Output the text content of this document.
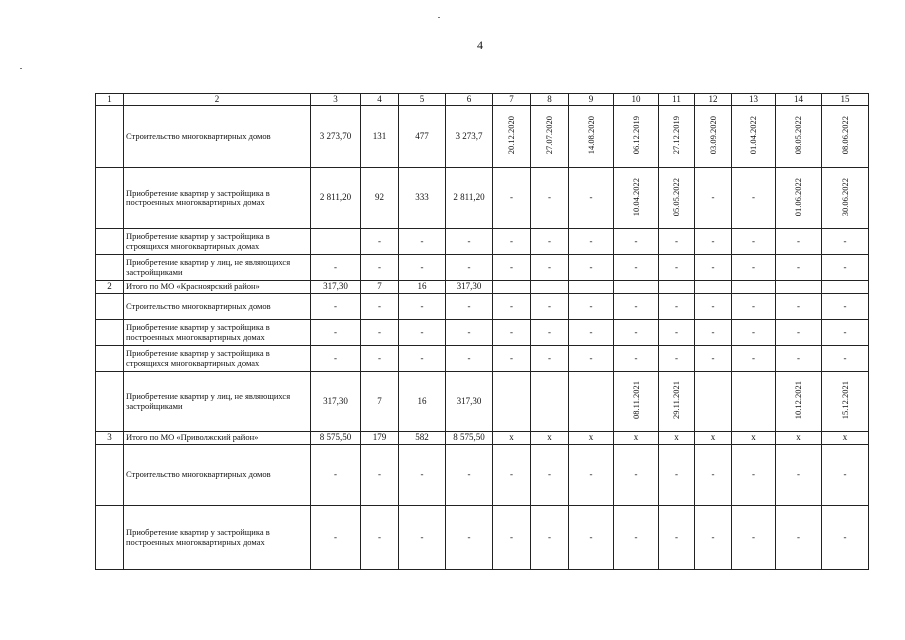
4
1	2	3	4	5	6	7	8	9	10	11	12	13	14	15
	Строительство многоквартирных домов	3 273,70	131	477	3 273,7	20.12.2020	27.07.2020	14.08.2020	06.12.2019	27.12.2019	03.09.2020	01.04.2022	08.05.2022	08.06.2022
	Приобретение квартир у застройщика в построенных многоквартирных домах	2 811,20	92	333	2 811,20	-	-	-	10.04.2022	05.05.2022	-	-	01.06.2022	30.06.2022
	Приобретение квартир у застройщика в строящихся многоквартирных домах		-	-	-	-	-	-	-	-	-	-	-	-
	Приобретение квартир у лиц, не являющихся застройщиками	-	-	-	-	-	-	-	-	-	-	-	-	-
2	Итого по МО «Краснoярский район»	317,30	7	16	317,30									
	Строительство многоквартирных домов	-	-	-	-	-	-	-	-	-	-	-	-	-
	Приобретение квартир у застройщика в построенных многоквартирных домах	-	-	-	-	-	-	-	-	-	-	-	-	-
	Приобретение квартир у застройщика в строящихся многоквартирных домах	-	-	-	-	-	-	-	-	-	-	-	-	-
	Приобретение квартир у лиц, не являющихся застройщиками	317,30	7	16	317,30				08.11.2021	29.11.2021			10.12.2021	15.12.2021
3	Итого по МО «Приволжский район»	8 575,50	179	582	8 575,50	x	x	x	x	x	x	x	x	x
	Строительство многоквартирных домов	-	-	-	-	-	-	-	-	-	-	-	-	-
	Приобретение квартир у застройщика в построенных многоквартирных домах	-	-	-	-	-	-	-	-	-	-	-	-	-
